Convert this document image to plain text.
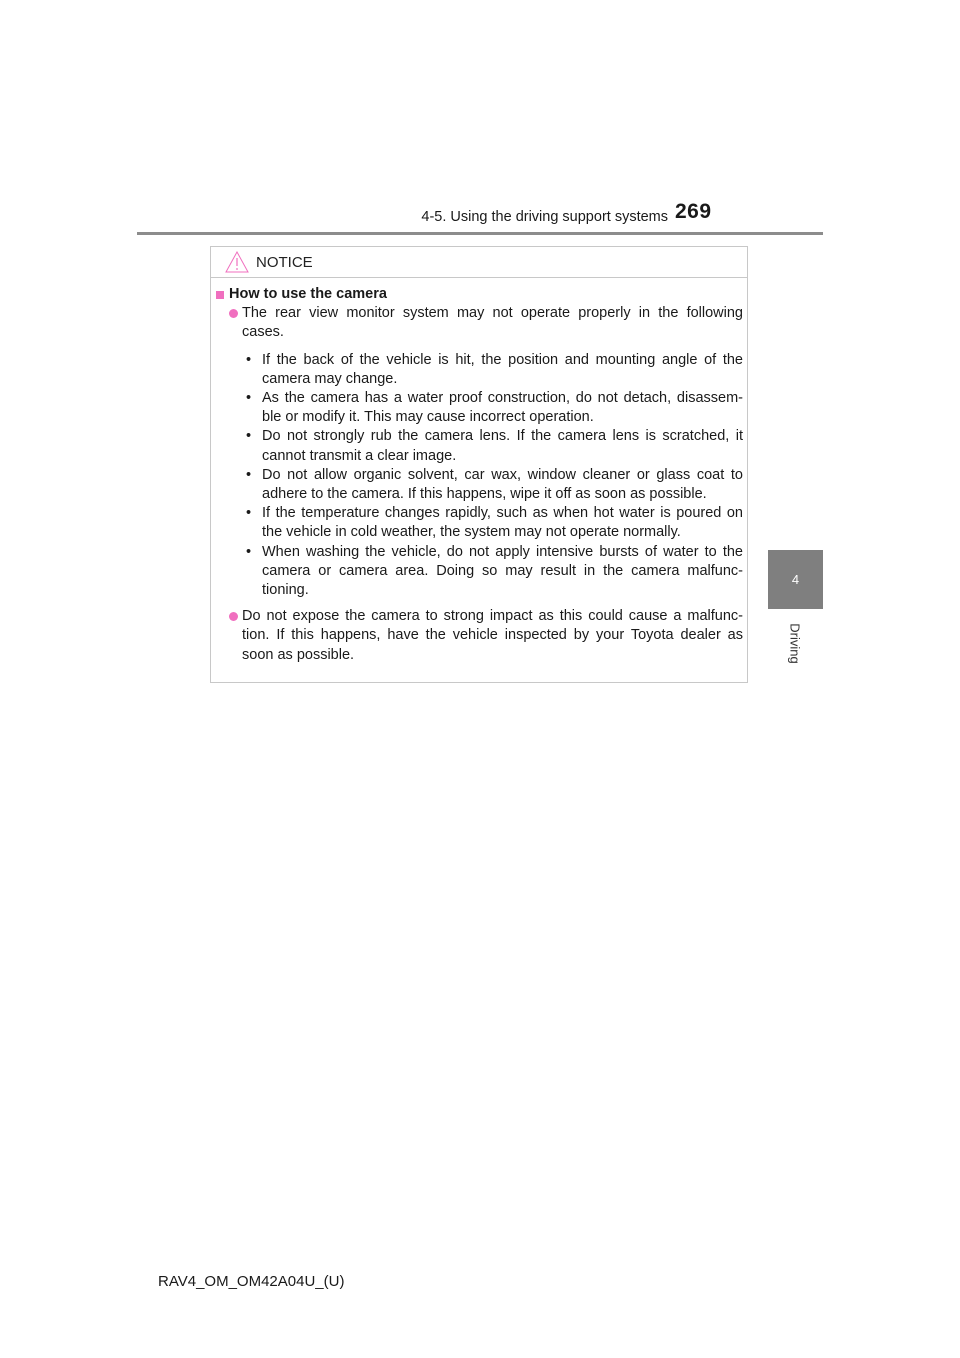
4-5. Using the driving support systems 269
4
Driving
NOTICE
How to use the camera
The rear view monitor system may not operate properly in the following cases.
• If the back of the vehicle is hit, the position and mounting angle of the camera may change.
• As the camera has a water proof construction, do not detach, disassem- ble or modify it. This may cause incorrect operation.
• Do not strongly rub the camera lens. If the camera lens is scratched, it cannot transmit a clear image.
• Do not allow organic solvent, car wax, window cleaner or glass coat to adhere to the camera. If this happens, wipe it off as soon as possible.
• If the temperature changes rapidly, such as when hot water is poured on the vehicle in cold weather, the system may not operate normally.
• When washing the vehicle, do not apply intensive bursts of water to the camera or camera area. Doing so may result in the camera malfunc- tioning.
Do not expose the camera to strong impact as this could cause a malfunc- tion. If this happens, have the vehicle inspected by your Toyota dealer as soon as possible.
RAV4_OM_OM42A04U_(U)
